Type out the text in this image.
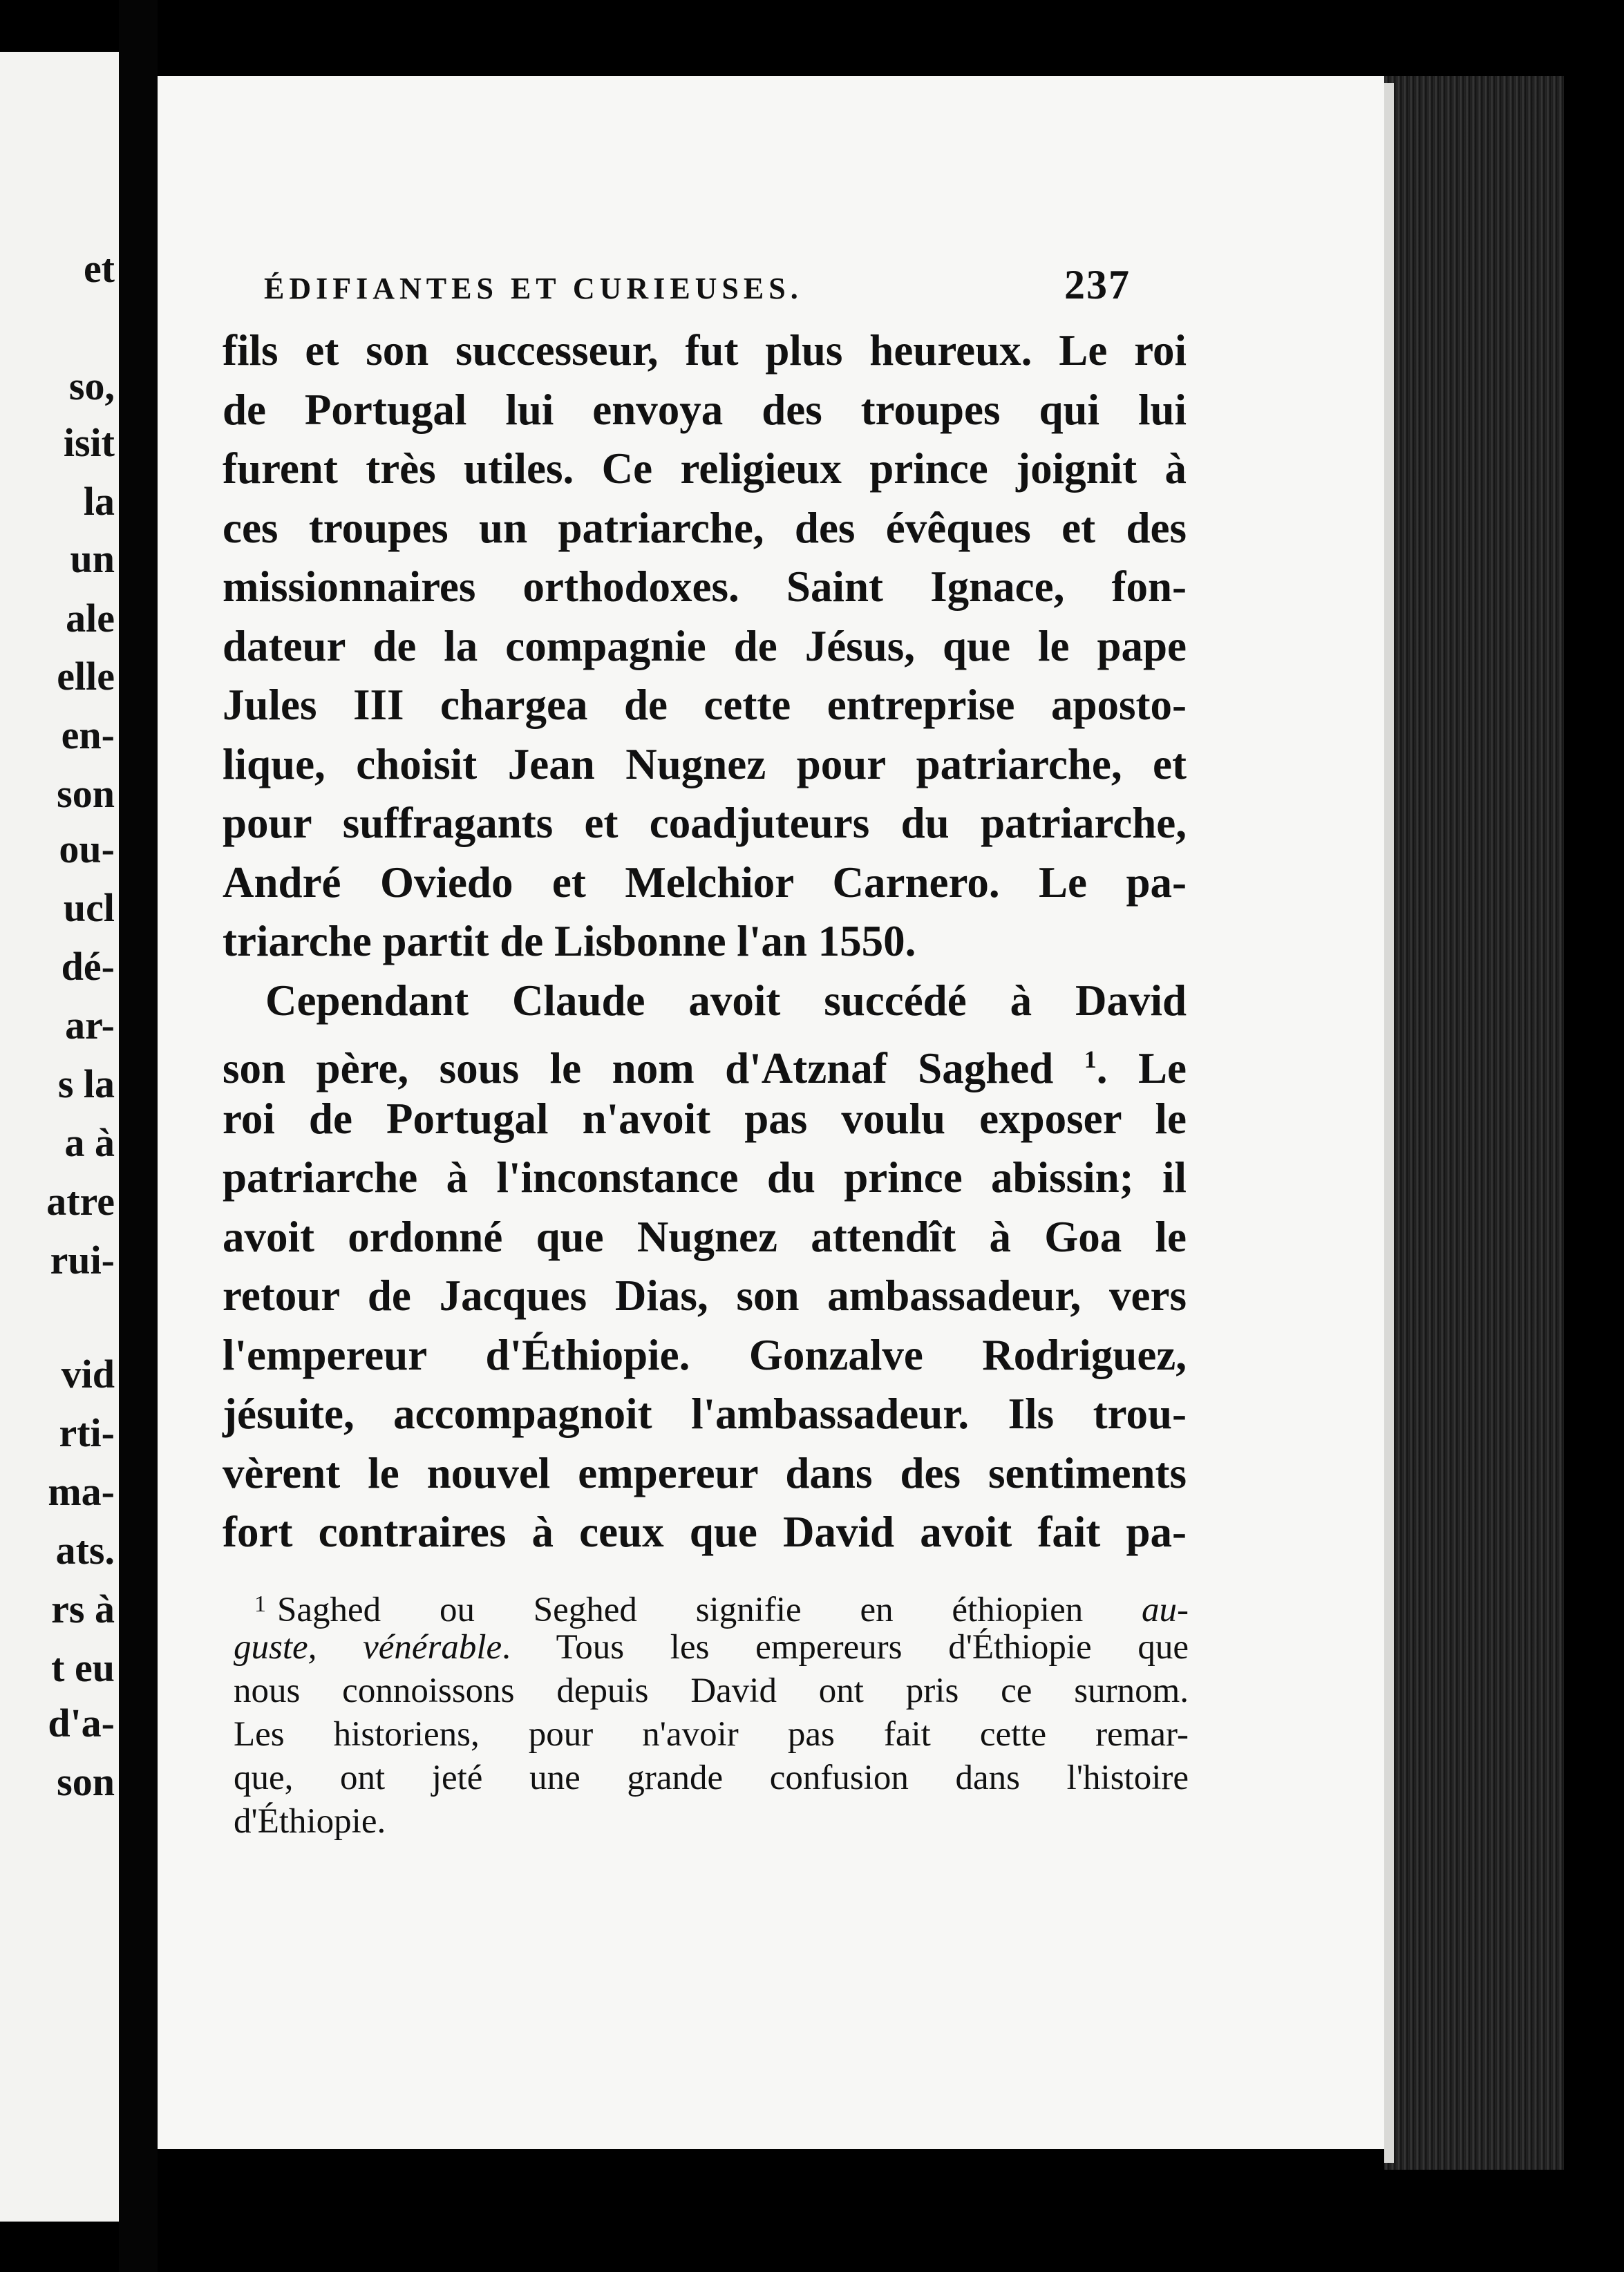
et
so,
isit
la
un
ale
elle
en-
son
ou-
ucl
dé-
ar-
s la
a à
atre
rui-
vid
rti-
ma-
ats.
rs à
t eu
d'a-
son
ÉDIFIANTES ET CURIEUSES.	237
fils et son successeur, fut plus heureux. Le roi
de Portugal lui envoya des troupes qui lui
furent très utiles. Ce religieux prince joignit à
ces troupes un patriarche, des évêques et des
missionnaires orthodoxes. Saint Ignace, fon-
dateur de la compagnie de Jésus, que le pape
Jules III chargea de cette entreprise aposto-
lique, choisit Jean Nugnez pour patriarche, et
pour suffragants et coadjuteurs du patriarche,
André Oviedo et Melchior Carnero. Le pa-
triarche partit de Lisbonne l'an 1550.
Cependant Claude avoit succédé à David
son père, sous le nom d'Atznaf Saghed $^1$. Le
roi de Portugal n'avoit pas voulu exposer le
patriarche à l'inconstance du prince abissin; il
avoit ordonné que Nugnez attendît à Goa le
retour de Jacques Dias, son ambassadeur, vers
l'empereur d'Éthiopie. Gonzalve Rodriguez,
jésuite, accompagnoit l'ambassadeur. Ils trou-
vèrent le nouvel empereur dans des sentiments
fort contraires à ceux que David avoit fait pa-
$^1$ Saghed ou Seghed signifie en éthiopien au-
guste, vénérable. Tous les empereurs d'Éthiopie que
nous connoissons depuis David ont pris ce surnom.
Les historiens, pour n'avoir pas fait cette remar-
que, ont jeté une grande confusion dans l'histoire
d'Éthiopie.
